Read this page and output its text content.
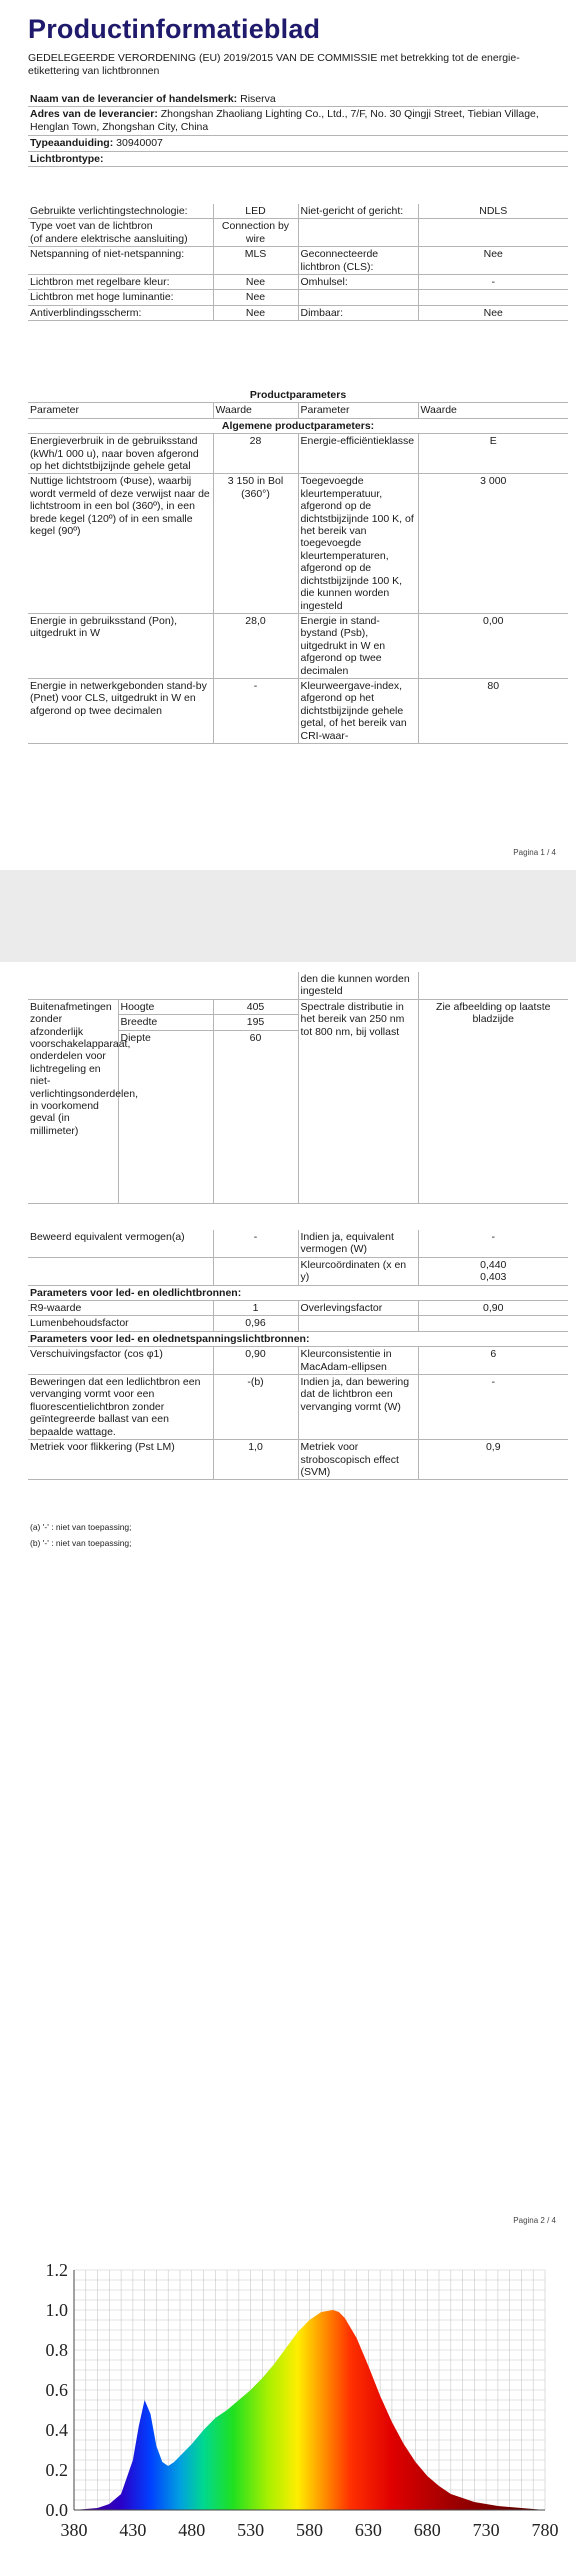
Productinformatieblad
GEDELEGEERDE VERORDENING (EU) 2019/2015 VAN DE COMMISSIE met betrekking tot de energie-etikettering van lichtbronnen
Naam van de leverancier of handelsmerk: Riserva
Adres van de leverancier: Zhongshan Zhaoliang Lighting Co., Ltd., 7/F, No. 30 Qingji Street, Tiebian Village, Henglan Town, Zhongshan City, China
Typeaanduiding: 30940007
Lichtbrontype:
Gebruikte verlichtingstechnologie:	LED	Niet-gericht of gericht:	NDLS
Type voet van de lichtbron
(of andere elektrische aansluiting)	Connection by wire		
Netspanning of niet-netspanning:	MLS	Geconnecteerde lichtbron (CLS):	Nee
Lichtbron met regelbare kleur:	Nee	Omhulsel:	-
Lichtbron met hoge luminantie:	Nee		
Antiverblindingsscherm:	Nee	Dimbaar:	Nee
Productparameters			
Parameter	Waarde	Parameter	Waarde
Algemene productparameters:			
Energieverbruik in de gebruiksstand (kWh/1 000 u), naar boven afgerond op het dichtstbijzijnde gehele getal	28	Energie-efficiëntieklasse	E
Nuttige lichtstroom (Φuse), waarbij wordt vermeld of deze verwijst naar de lichtstroom in een bol (360º), in een brede kegel (120º) of in een smalle kegel (90º)	3 150 in Bol (360°)	Toegevoegde kleurtemperatuur, afgerond op de dichtstbijzijnde 100 K, of het bereik van toegevoegde kleurtemperaturen, afgerond op de dichtstbijzijnde 100 K, die kunnen worden ingesteld	3 000
Energie in gebruiksstand (Pon), uitgedrukt in W	28,0	Energie in stand-bystand (Psb), uitgedrukt in W en afgerond op twee decimalen	0,00
Energie in netwerkgebonden stand-by (Pnet) voor CLS, uitgedrukt in W en afgerond op twee decimalen	-	Kleurweergave-index, afgerond op het dichtstbijzijnde gehele getal, of het bereik van CRI-waar-	80
Pagina 1 / 4
			den die kunnen worden ingesteld	
Buitenafmetingen zonder afzonderlijk voorschakelapparaat, onderdelen voor lichtregeling en niet-verlichtingsonderdelen, in voorkomend geval (in millimeter)	Hoogte	405	Spectrale distributie in het bereik van 250 nm tot 800 nm, bij vollast	Zie afbeelding op laatste bladzijde
	Breedte	195		
	Diepte	60		
Beweerd equivalent vermogen(a)	-	Indien ja, equivalent vermogen (W)	-
		Kleurcoördinaten (x en y)	0,440
0,403
Parameters voor led- en oledlichtbronnen:			
R9-waarde	1	Overlevingsfactor	0,90
Lumenbehoudsfactor	0,96		
Parameters voor led- en olednetspanningslichtbronnen:			
Verschuivingsfactor (cos φ1)	0,90	Kleurconsistentie in MacAdam-ellipsen	6
Beweringen dat een ledlichtbron een vervanging vormt voor een fluorescentielichtbron zonder geïntegreerde ballast van een bepaalde wattage.	-(b)	Indien ja, dan bewering dat de lichtbron een vervanging vormt (W)	-
Metriek voor flikkering (Pst LM)	1,0	Metriek voor stroboscopisch effect (SVM)	0,9
(a) '-' : niet van toepassing;
(b) '-' : niet van toepassing;
Pagina 2 / 4
0.0
0.2
0.4
0.6
0.8
1.0
1.2
380 430 480 530 580 630 680 730 780
